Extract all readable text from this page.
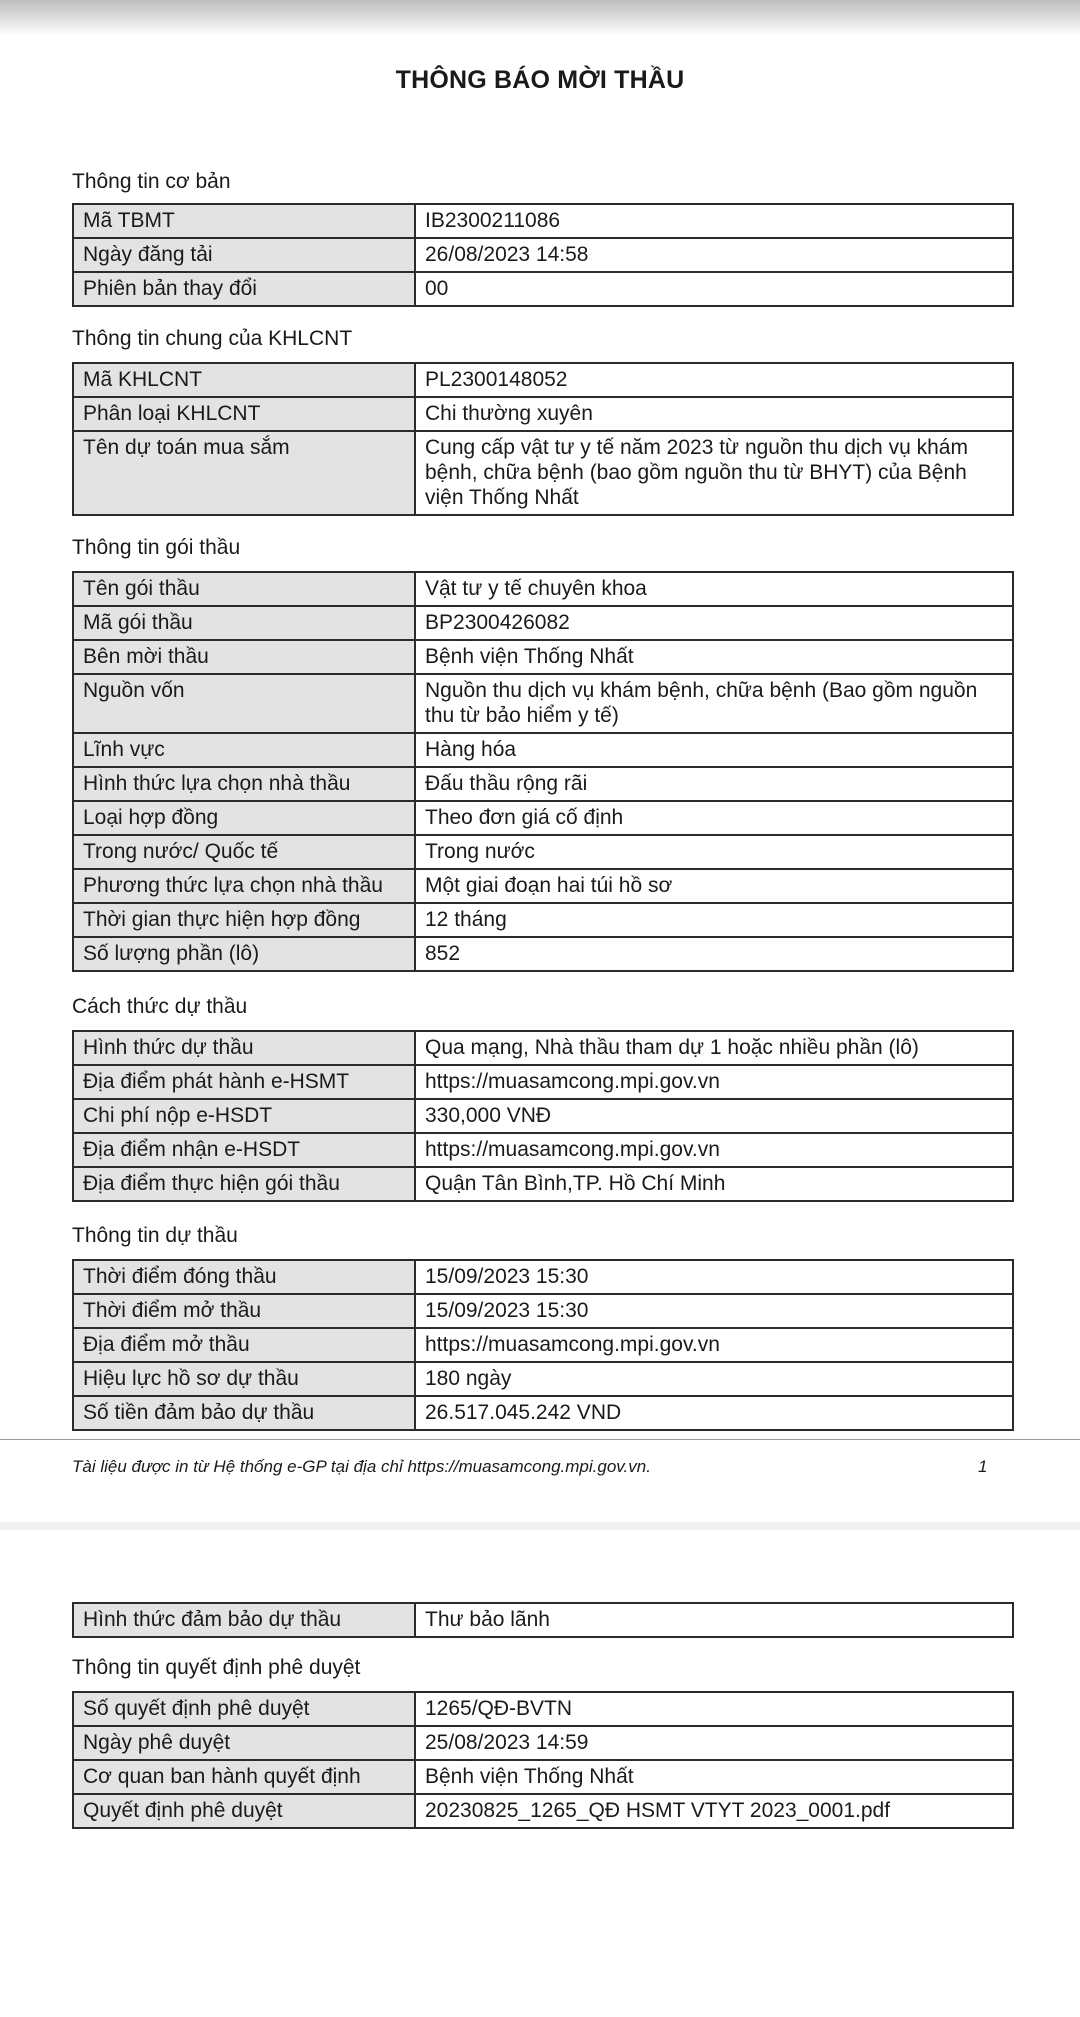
THÔNG BÁO MỜI THẦU
Thông tin cơ bản
Mã TBMT	IB2300211086
Ngày đăng tải	26/08/2023 14:58
Phiên bản thay đổi	00
Thông tin chung của KHLCNT
Mã KHLCNT	PL2300148052
Phân loại KHLCNT	Chi thường xuyên
Tên dự toán mua sắm	Cung cấp vật tư y tế năm 2023 từ nguồn thu dịch vụ khám bệnh, chữa bệnh (bao gồm nguồn thu từ BHYT) của Bệnh viện Thống Nhất
Thông tin gói thầu
Tên gói thầu	Vật tư y tế chuyên khoa
Mã gói thầu	BP2300426082
Bên mời thầu	Bệnh viện Thống Nhất
Nguồn vốn	Nguồn thu dịch vụ khám bệnh, chữa bệnh (Bao gồm nguồn thu từ bảo hiểm y tế)
Lĩnh vực	Hàng hóa
Hình thức lựa chọn nhà thầu	Đấu thầu rộng rãi
Loại hợp đồng	Theo đơn giá cố định
Trong nước/ Quốc tế	Trong nước
Phương thức lựa chọn nhà thầu	Một giai đoạn hai túi hồ sơ
Thời gian thực hiện hợp đồng	12 tháng
Số lượng phần (lô)	852
Cách thức dự thầu
Hình thức dự thầu	Qua mạng, Nhà thầu tham dự 1 hoặc nhiều phần (lô)
Địa điểm phát hành e-HSMT	https://muasamcong.mpi.gov.vn
Chi phí nộp e-HSDT	330,000 VNĐ
Địa điểm nhận e-HSDT	https://muasamcong.mpi.gov.vn
Địa điểm thực hiện gói thầu	Quận Tân Bình,TP. Hồ Chí Minh
Thông tin dự thầu
Thời điểm đóng thầu	15/09/2023 15:30
Thời điểm mở thầu	15/09/2023 15:30
Địa điểm mở thầu	https://muasamcong.mpi.gov.vn
Hiệu lực hồ sơ dự thầu	180 ngày
Số tiền đảm bảo dự thầu	26.517.045.242 VND
Tài liệu được in từ Hệ thống e-GP tại địa chỉ https://muasamcong.mpi.gov.vn.	1
Hình thức đảm bảo dự thầu	Thư bảo lãnh
Thông tin quyết định phê duyệt
Số quyết định phê duyệt	1265/QĐ-BVTN
Ngày phê duyệt	25/08/2023 14:59
Cơ quan ban hành quyết định	Bệnh viện Thống Nhất
Quyết định phê duyệt	20230825_1265_QĐ HSMT VTYT 2023_0001.pdf
